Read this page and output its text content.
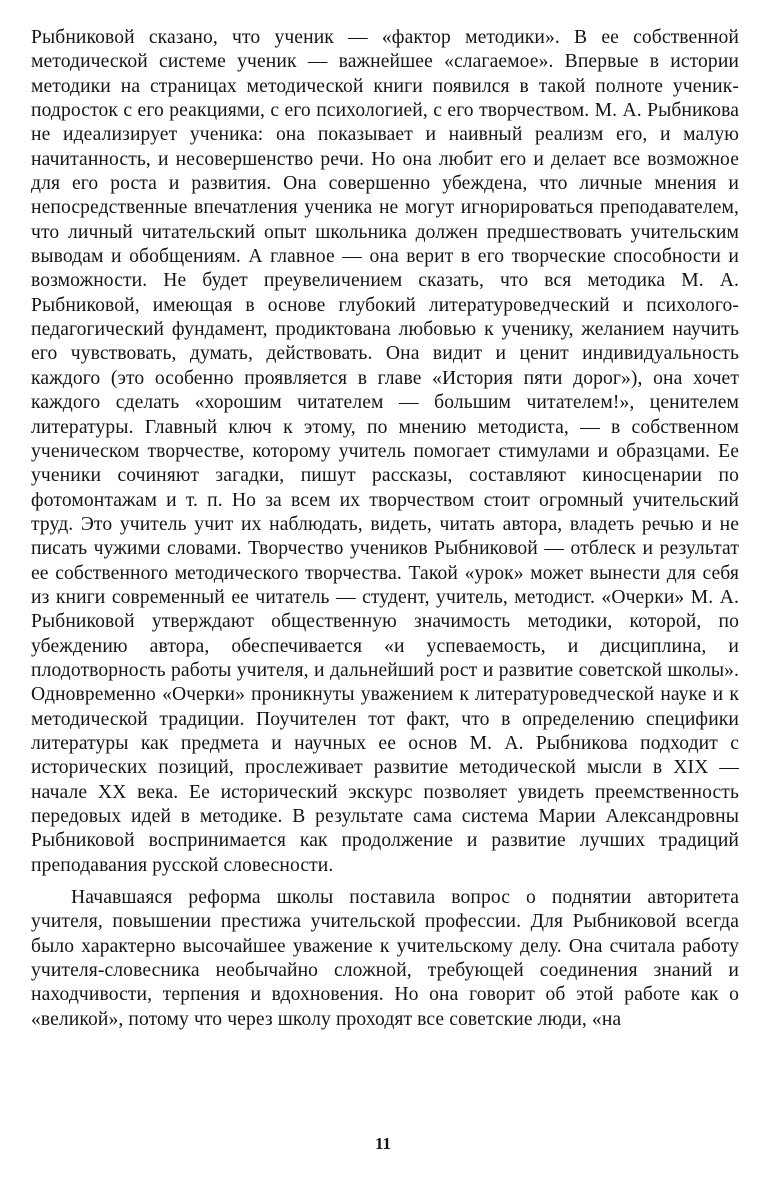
Рыбниковой сказано, что ученик — «фактор методики». В ее собственной методической системе ученик — важнейшее «слагаемое». Впервые в истории методики на страницах методической книги появился в такой полноте ученик-подросток с его реакциями, с его психологией, с его творчеством. М. А. Рыбникова не идеализирует ученика: она показывает и наивный реализм его, и малую начитанность, и несовершенство речи. Но она любит его и делает все возможное для его роста и развития. Она совершенно убеждена, что личные мнения и непосредственные впечатления ученика не могут игнорироваться преподавателем, что личный читательский опыт школьника должен предшествовать учительским выводам и обобщениям. А главное — она верит в его творческие способности и возможности. Не будет преувеличением сказать, что вся методика М. А. Рыбниковой, имеющая в основе глубокий литературоведческий и психолого-педагогический фундамент, продиктована любовью к ученику, желанием научить его чувствовать, думать, действовать. Она видит и ценит индивидуальность каждого (это особенно проявляется в главе «История пяти дорог»), она хочет каждого сделать «хорошим читателем — большим читателем!», ценителем литературы. Главный ключ к этому, по мнению методиста, — в собственном ученическом творчестве, которому учитель помогает стимулами и образцами. Ее ученики сочиняют загадки, пишут рассказы, составляют киносценарии по фотомонтажам и т. п. Но за всем их творчеством стоит огромный учительский труд. Это учитель учит их наблюдать, видеть, читать автора, владеть речью и не писать чужими словами. Творчество учеников Рыбниковой — отблеск и результат ее собственного методического творчества. Такой «урок» может вынести для себя из книги современный ее читатель — студент, учитель, методист. «Очерки» М. А. Рыбниковой утверждают общественную значимость методики, которой, по убеждению автора, обеспечивается «и успеваемость, и дисциплина, и плодотворность работы учителя, и дальнейший рост и развитие советской школы». Одновременно «Очерки» проникнуты уважением к литературоведческой науке и к методической традиции. Поучителен тот факт, что в определению специфики литературы как предмета и научных ее основ М. А. Рыбникова подходит с исторических позиций, прослеживает развитие методической мысли в XIX — начале XX века. Ее исторический экскурс позволяет увидеть преемственность передовых идей в методике. В результате сама система Марии Александровны Рыбниковой воспринимается как продолжение и развитие лучших традиций преподавания русской словесности.

Начавшаяся реформа школы поставила вопрос о поднятии авторитета учителя, повышении престижа учительской профессии. Для Рыбниковой всегда было характерно высочайшее уважение к учительскому делу. Она считала работу учителя-словесника необычайно сложной, требующей соединения знаний и находчивости, терпения и вдохновения. Но она говорит об этой работе как о «великой», потому что через школу проходят все советские люди, «на

11
